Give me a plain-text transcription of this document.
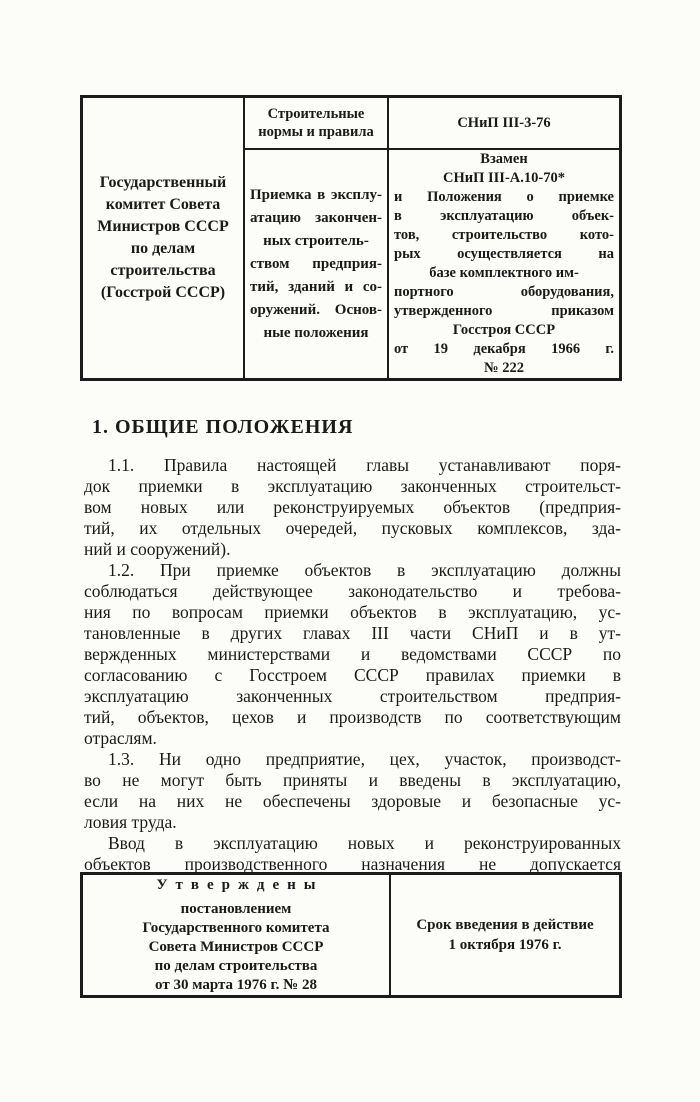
Государственный
комитет Совета
Министров СССР
по делам
строительства
(Госстрой СССР)
Строительные
нормы и правила
Приемка в эксплу-
атацию закончен-
ных строитель-
ством предприя-
тий, зданий и со-
оружений. Основ-
ные положения
СНиП III-3-76
Взамен
СНиП III-А.10-70*
и Положения о приемке
в эксплуатацию объек-
тов, строительство кото-
рых осуществляется на
базе комплектного им-
портного оборудования,
утвержденного приказом
Госстроя СССР
от 19 декабря 1966 г.
№ 222
1. ОБЩИЕ ПОЛОЖЕНИЯ
1.1. Правила настоящей главы устанавливают поря-
док приемки в эксплуатацию законченных строительст-
вом новых или реконструируемых объектов (предприя-
тий, их отдельных очередей, пусковых комплексов, зда-
ний и сооружений).
1.2. При приемке объектов в эксплуатацию должны
соблюдаться действующее законодательство и требова-
ния по вопросам приемки объектов в эксплуатацию, ус-
тановленные в других главах III части СНиП и в ут-
вержденных министерствами и ведомствами СССР по
согласованию с Госстроем СССР правилах приемки в
эксплуатацию законченных строительством предприя-
тий, объектов, цехов и производств по соответствующим
отраслям.
1.3. Ни одно предприятие, цех, участок, производст-
во не могут быть приняты и введены в эксплуатацию,
если на них не обеспечены здоровые и безопасные ус-
ловия труда.
Ввод в эксплуатацию новых и реконструированных
объектов производственного назначения не допускается
Утверждены
постановлением
Государственного комитета
Совета Министров СССР
по делам строительства
от 30 марта 1976 г. № 28
Срок введения в действие
1 октября 1976 г.
